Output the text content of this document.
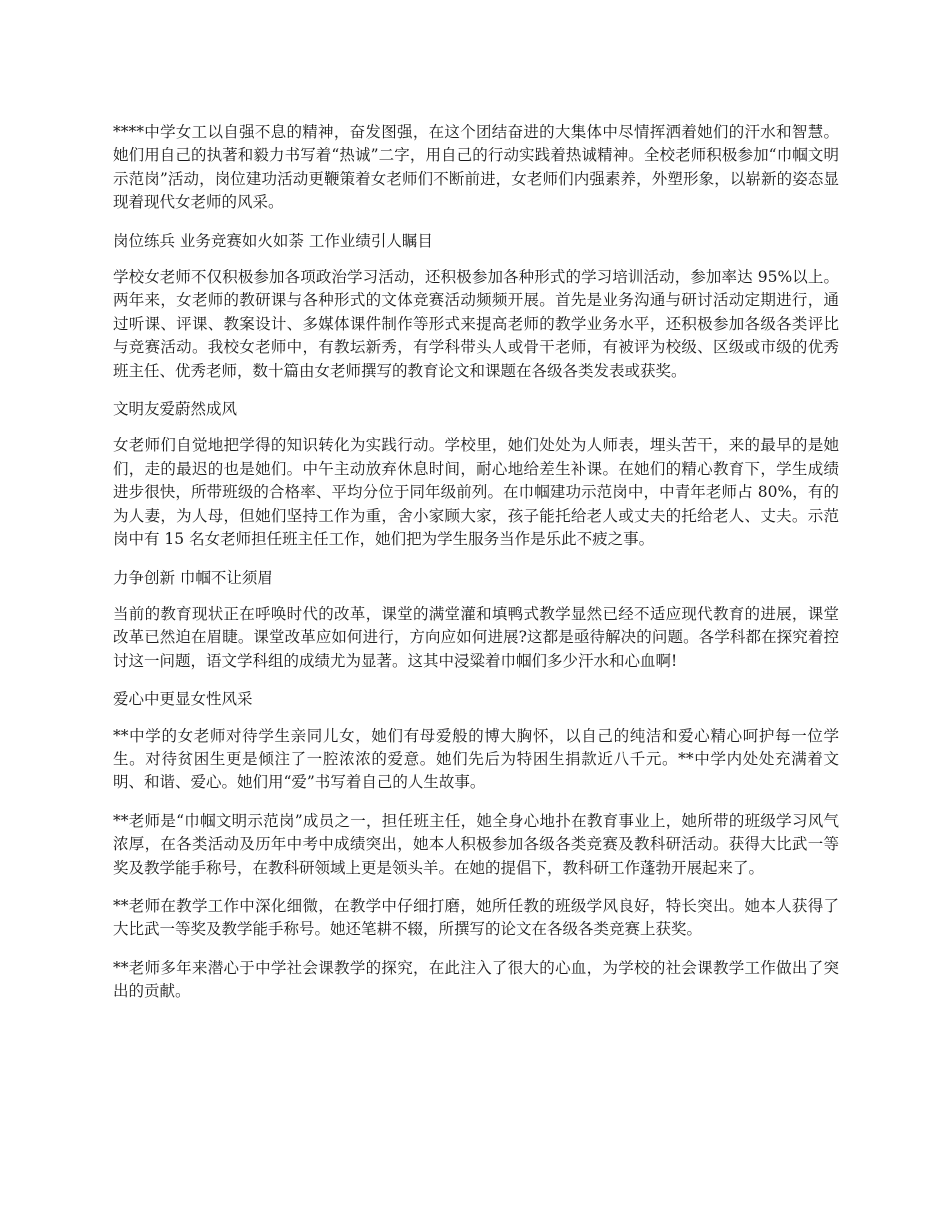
****中学女工以自强不息的精神，奋发图强，在这个团结奋进的大集体中尽情挥洒着她们的汗水和智慧。她们用自己的执著和毅力书写着“热诚”二字，用自己的行动实践着热诚精神。全校老师积极参加“巾帼文明示范岗”活动，岗位建功活动更鞭策着女老师们不断前进，女老师们内强素养，外塑形象，以崭新的姿态显现着现代女老师的风采。

岗位练兵 业务竞赛如火如荼 工作业绩引人瞩目

学校女老师不仅积极参加各项政治学习活动，还积极参加各种形式的学习培训活动，参加率达 95%以上。两年来，女老师的教研课与各种形式的文体竞赛活动频频开展。首先是业务沟通与研讨活动定期进行，通过听课、评课、教案设计、多媒体课件制作等形式来提高老师的教学业务水平，还积极参加各级各类评比与竞赛活动。我校女老师中，有教坛新秀，有学科带头人或骨干老师，有被评为校级、区级或市级的优秀班主任、优秀老师，数十篇由女老师撰写的教育论文和课题在各级各类发表或获奖。

文明友爱蔚然成风

女老师们自觉地把学得的知识转化为实践行动。学校里，她们处处为人师表，埋头苦干，来的最早的是她们，走的最迟的也是她们。中午主动放弃休息时间，耐心地给差生补课。在她们的精心教育下，学生成绩进步很快，所带班级的合格率、平均分位于同年级前列。在巾帼建功示范岗中，中青年老师占 80%，有的为人妻，为人母，但她们坚持工作为重，舍小家顾大家，孩子能托给老人或丈夫的托给老人、丈夫。示范岗中有 15 名女老师担任班主任工作，她们把为学生服务当作是乐此不疲之事。

力争创新 巾帼不让须眉

当前的教育现状正在呼唤时代的改革，课堂的满堂灌和填鸭式教学显然已经不适应现代教育的进展，课堂改革已然迫在眉睫。课堂改革应如何进行，方向应如何进展?这都是亟待解决的问题。各学科都在探究着控讨这一问题，语文学科组的成绩尤为显著。这其中浸粱着巾帼们多少汗水和心血啊!

爱心中更显女性风采

**中学的女老师对待学生亲同儿女，她们有母爱般的博大胸怀，以自己的纯洁和爱心精心呵护每一位学生。对待贫困生更是倾注了一腔浓浓的爱意。她们先后为特困生捐款近八千元。**中学内处处充满着文明、和谐、爱心。她们用“爱”书写着自己的人生故事。

**老师是“巾帼文明示范岗”成员之一，担任班主任，她全身心地扑在教育事业上，她所带的班级学习风气浓厚，在各类活动及历年中考中成绩突出，她本人积极参加各级各类竞赛及教科研活动。获得大比武一等奖及教学能手称号，在教科研领域上更是领头羊。在她的提倡下，教科研工作蓬勃开展起来了。

**老师在教学工作中深化细微，在教学中仔细打磨，她所任教的班级学风良好，特长突出。她本人获得了大比武一等奖及教学能手称号。她还笔耕不辍，所撰写的论文在各级各类竞赛上获奖。

**老师多年来潜心于中学社会课教学的探究，在此注入了很大的心血，为学校的社会课教学工作做出了突出的贡献。
